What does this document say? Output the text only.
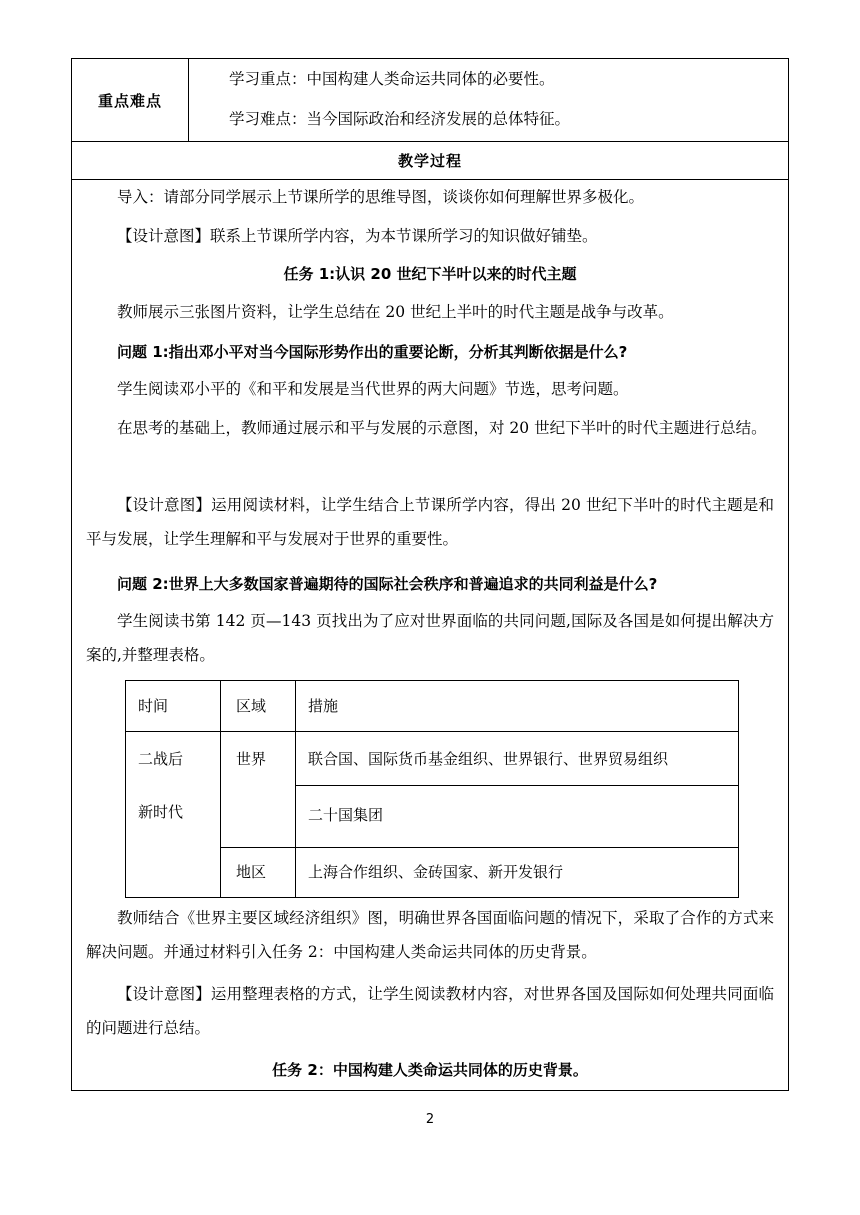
重点难点
学习重点：中国构建人类命运共同体的必要性。
学习难点：当今国际政治和经济发展的总体特征。
教学过程
导入：请部分同学展示上节课所学的思维导图，谈谈你如何理解世界多极化。
【设计意图】联系上节课所学内容，为本节课所学习的知识做好铺垫。
任务 1:认识 20 世纪下半叶以来的时代主题
教师展示三张图片资料，让学生总结在 20 世纪上半叶的时代主题是战争与改革。
问题 1:指出邓小平对当今国际形势作出的重要论断，分析其判断依据是什么?
学生阅读邓小平的《和平和发展是当代世界的两大问题》节选，思考问题。
在思考的基础上，教师通过展示和平与发展的示意图，对 20 世纪下半叶的时代主题进行总结。
【设计意图】运用阅读材料，让学生结合上节课所学内容，得出 20 世纪下半叶的时代主题是和平与发展，让学生理解和平与发展对于世界的重要性。
问题 2:世界上大多数国家普遍期待的国际社会秩序和普遍追求的共同利益是什么?
学生阅读书第 142 页—143 页找出为了应对世界面临的共同问题,国际及各国是如何提出解决方案的,并整理表格。
时间	区域	措施
二战后	世界	联合国、国际货币基金组织、世界银行、世界贸易组织
新时代	二十国集团
地区	上海合作组织、金砖国家、新开发银行
教师结合《世界主要区域经济组织》图，明确世界各国面临问题的情况下，采取了合作的方式来解决问题。并通过材料引入任务 2：中国构建人类命运共同体的历史背景。
【设计意图】运用整理表格的方式，让学生阅读教材内容，对世界各国及国际如何处理共同面临的问题进行总结。
任务 2：中国构建人类命运共同体的历史背景。
2
